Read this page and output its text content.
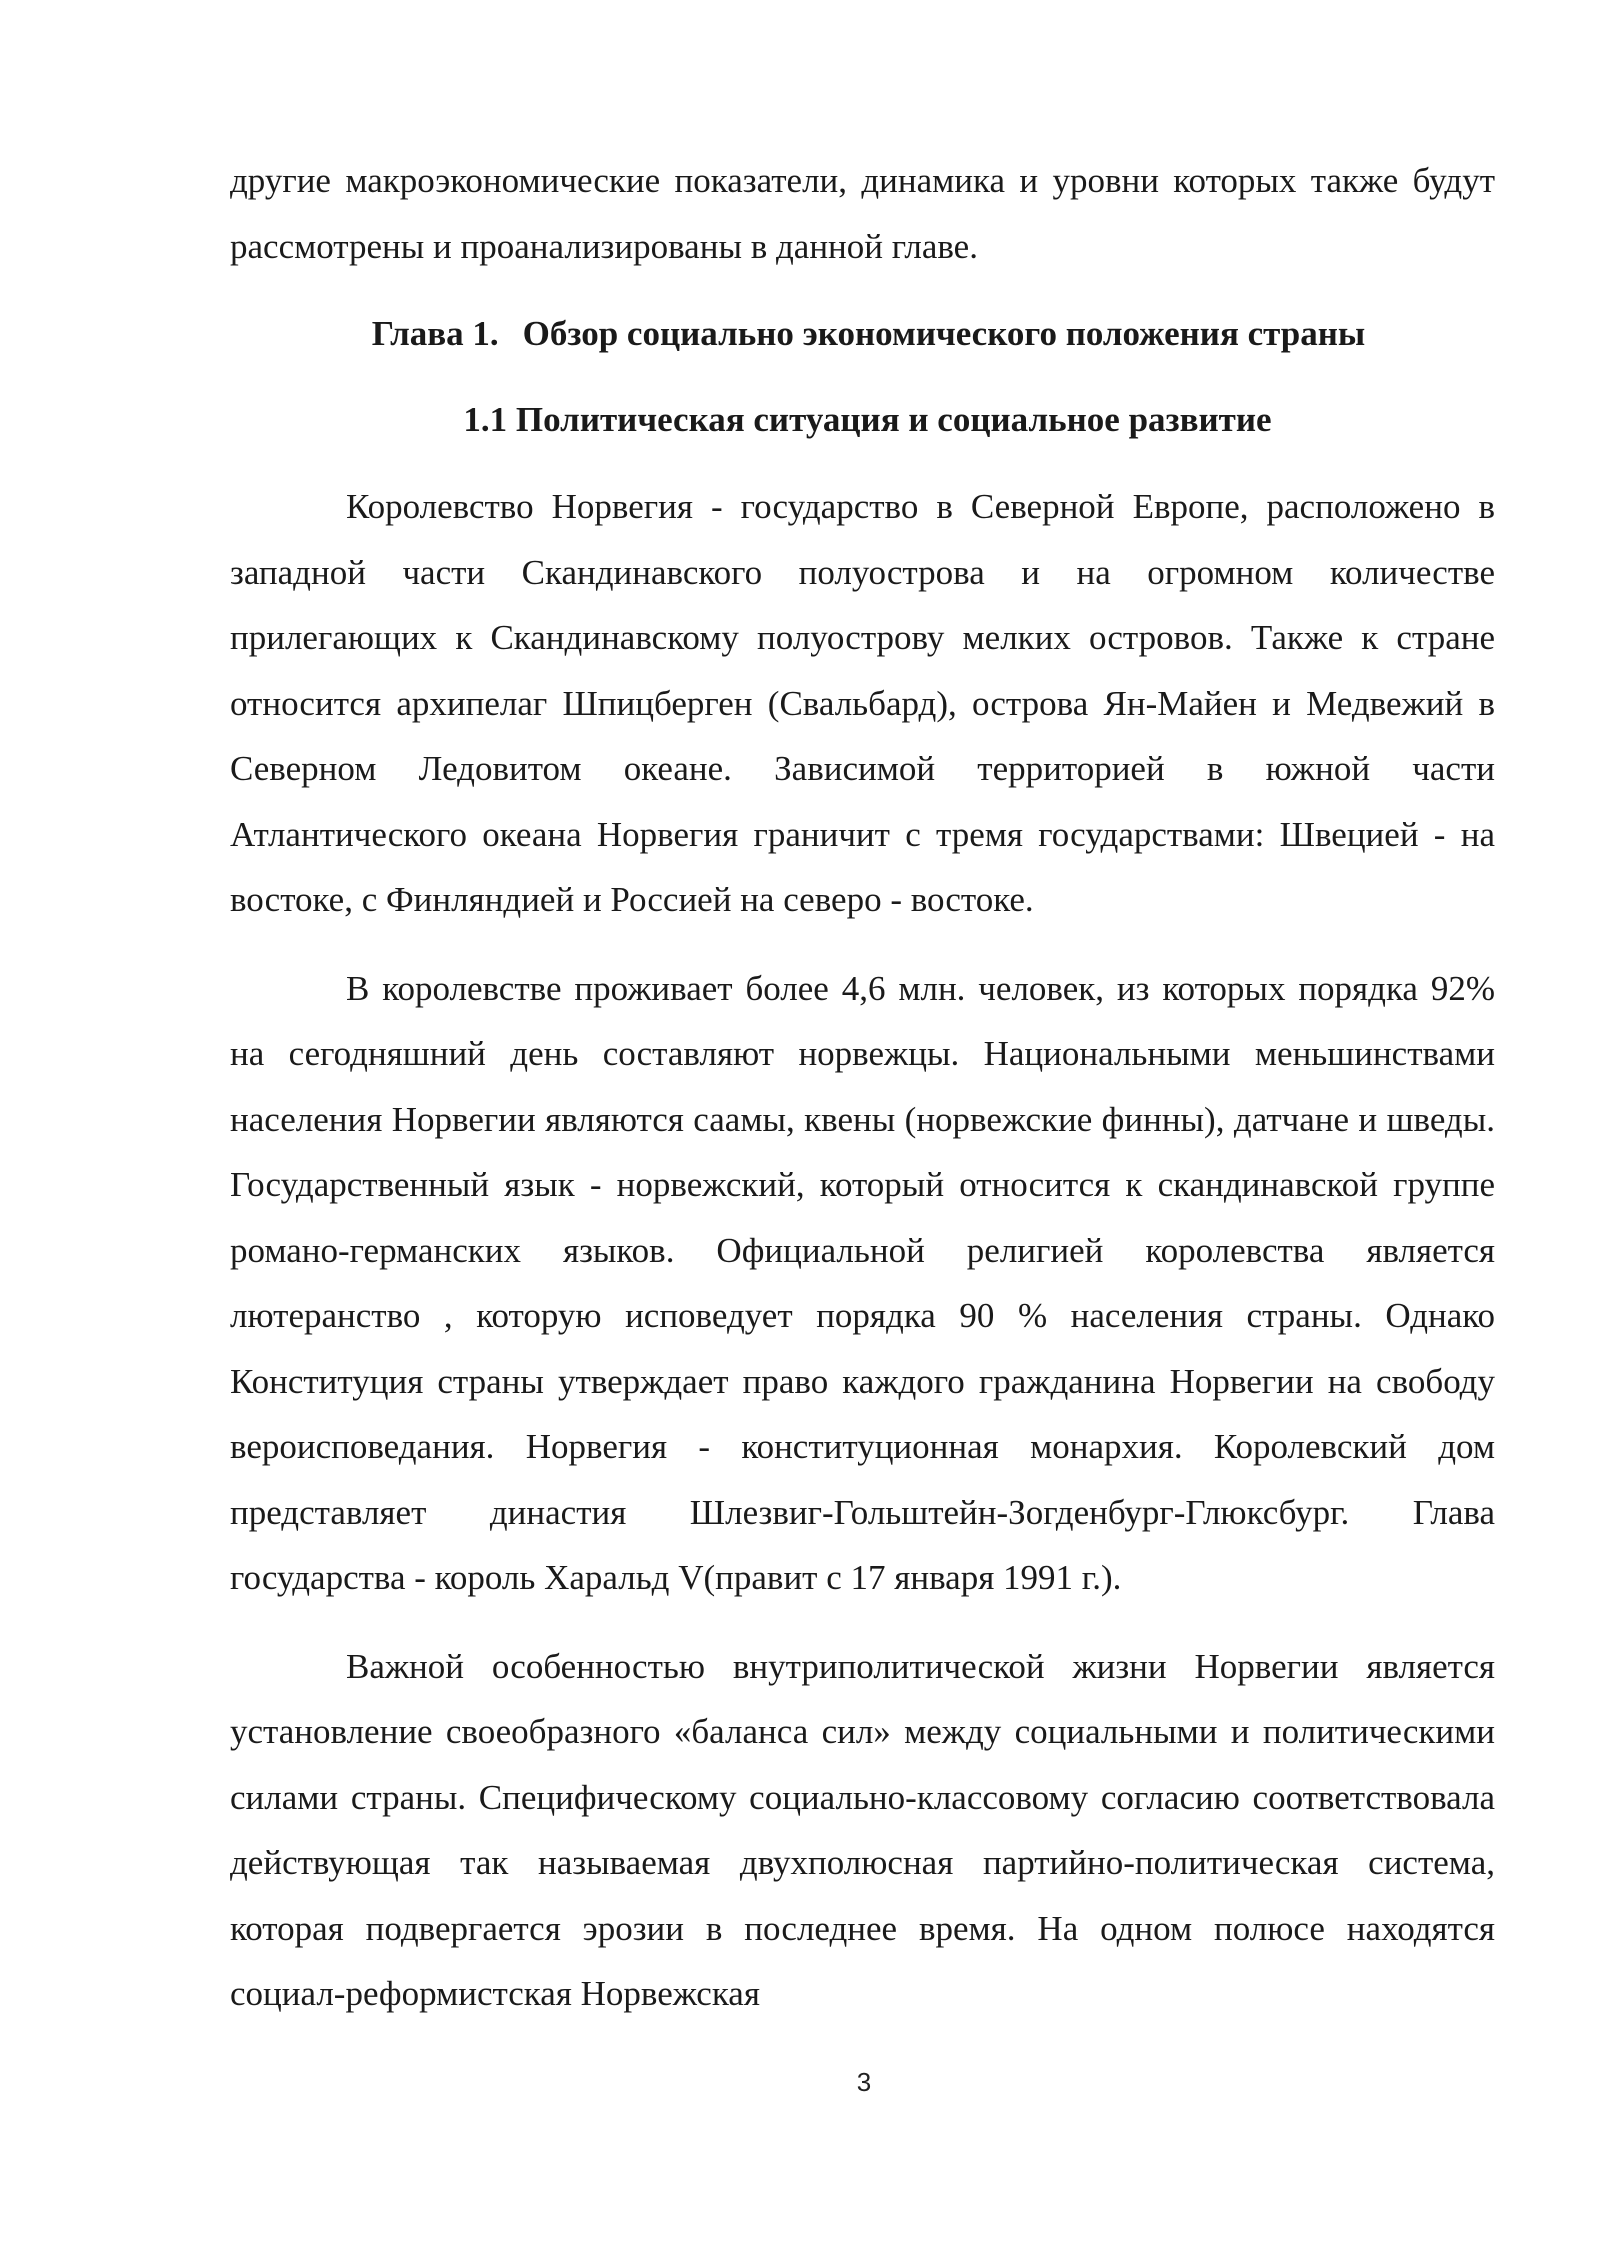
другие макроэкономические показатели, динамика и уровни которых также будут рассмотрены и проанализированы в данной главе.

Глава 1. Обзор социально экономического положения страны

1.1 Политическая ситуация и социальное развитие

Королевство Норвегия - государство в Северной Европе, расположено в западной части Скандинавского полуострова и на огромном количестве прилегающих к Скандинавскому полуострову мелких островов. Также к стране относится архипелаг Шпицберген (Свальбард), острова Ян-Майен и Медвежий в Северном Ледовитом океане. Зависимой территорией в южной части Атлантического океана Норвегия граничит с тремя государствами: Швецией - на востоке, с Финляндией и Россией на северо - востоке.

В королевстве проживает более 4,6 млн. человек, из которых порядка 92% на сегодняшний день составляют норвежцы. Национальными меньшинствами населения Норвегии являются саамы, квены (норвежские финны), датчане и шведы. Государственный язык - норвежский, который относится к скандинавской группе романо-германских языков. Официальной религией королевства является лютеранство , которую исповедует порядка 90 % населения страны. Однако Конституция страны утверждает право каждого гражданина Норвегии на свободу вероисповедания. Норвегия - конституционная монархия. Королевский дом представляет династия Шлезвиг-Гольштейн-Зогденбург-Глюксбург. Глава государства - король Харальд V(правит с 17 января 1991 г.).

Важной особенностью внутриполитической жизни Норвегии является установление своеобразного «баланса сил» между социальными и политическими силами страны. Специфическому социально-классовому согласию соответствовала действующая так называемая двухполюсная партийно-политическая система, которая подвергается эрозии в последнее время. На одном полюсе находятся социал-реформистская Норвежская

3
